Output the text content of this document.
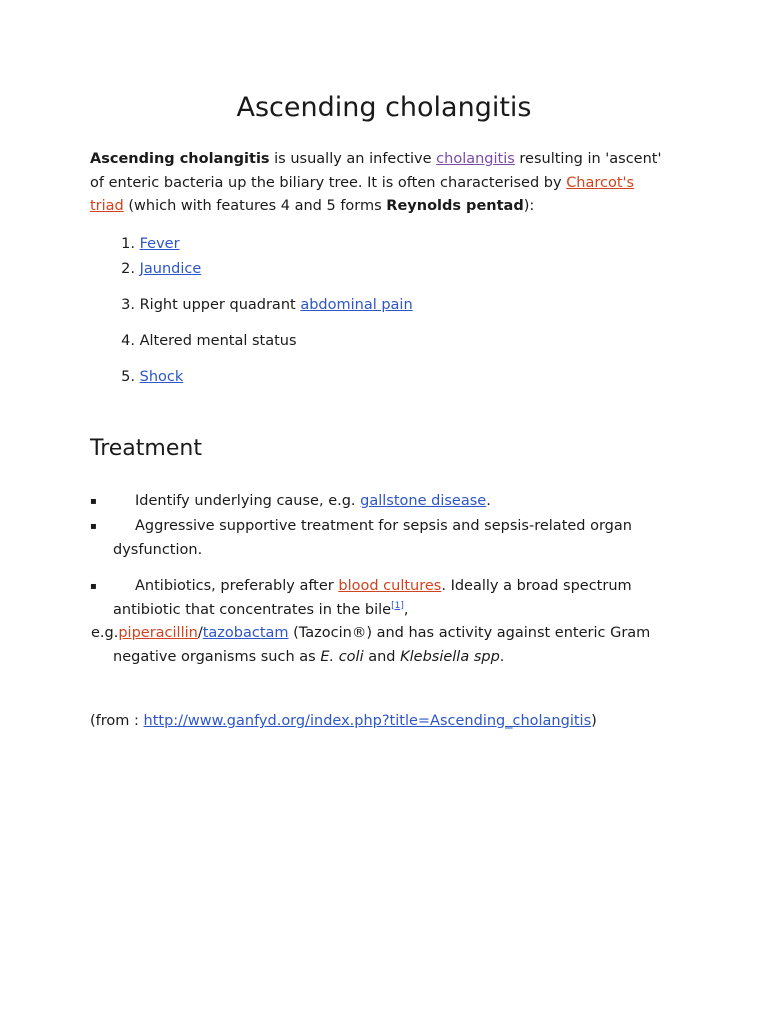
Ascending cholangitis

Ascending cholangitis is usually an infective cholangitis resulting in 'ascent' of enteric bacteria up the biliary tree. It is often characterised by Charcot's triad (which with features 4 and 5 forms Reynolds pentad):

1. Fever
2. Jaundice
3. Right upper quadrant abdominal pain
4. Altered mental status
5. Shock
Treatment
▪	Identify underlying cause, e.g. gallstone disease.
▪	Aggressive supportive treatment for sepsis and sepsis-related organ dysfunction.
▪	Antibiotics, preferably after blood cultures. Ideally a broad spectrum antibiotic that concentrates in the bile[1],
e.g.piperacillin/tazobactam (Tazocin®) and has activity against enteric Gram negative organisms such as E. coli and Klebsiella spp.

(from : http://www.ganfyd.org/index.php?title=Ascending_cholangitis)
